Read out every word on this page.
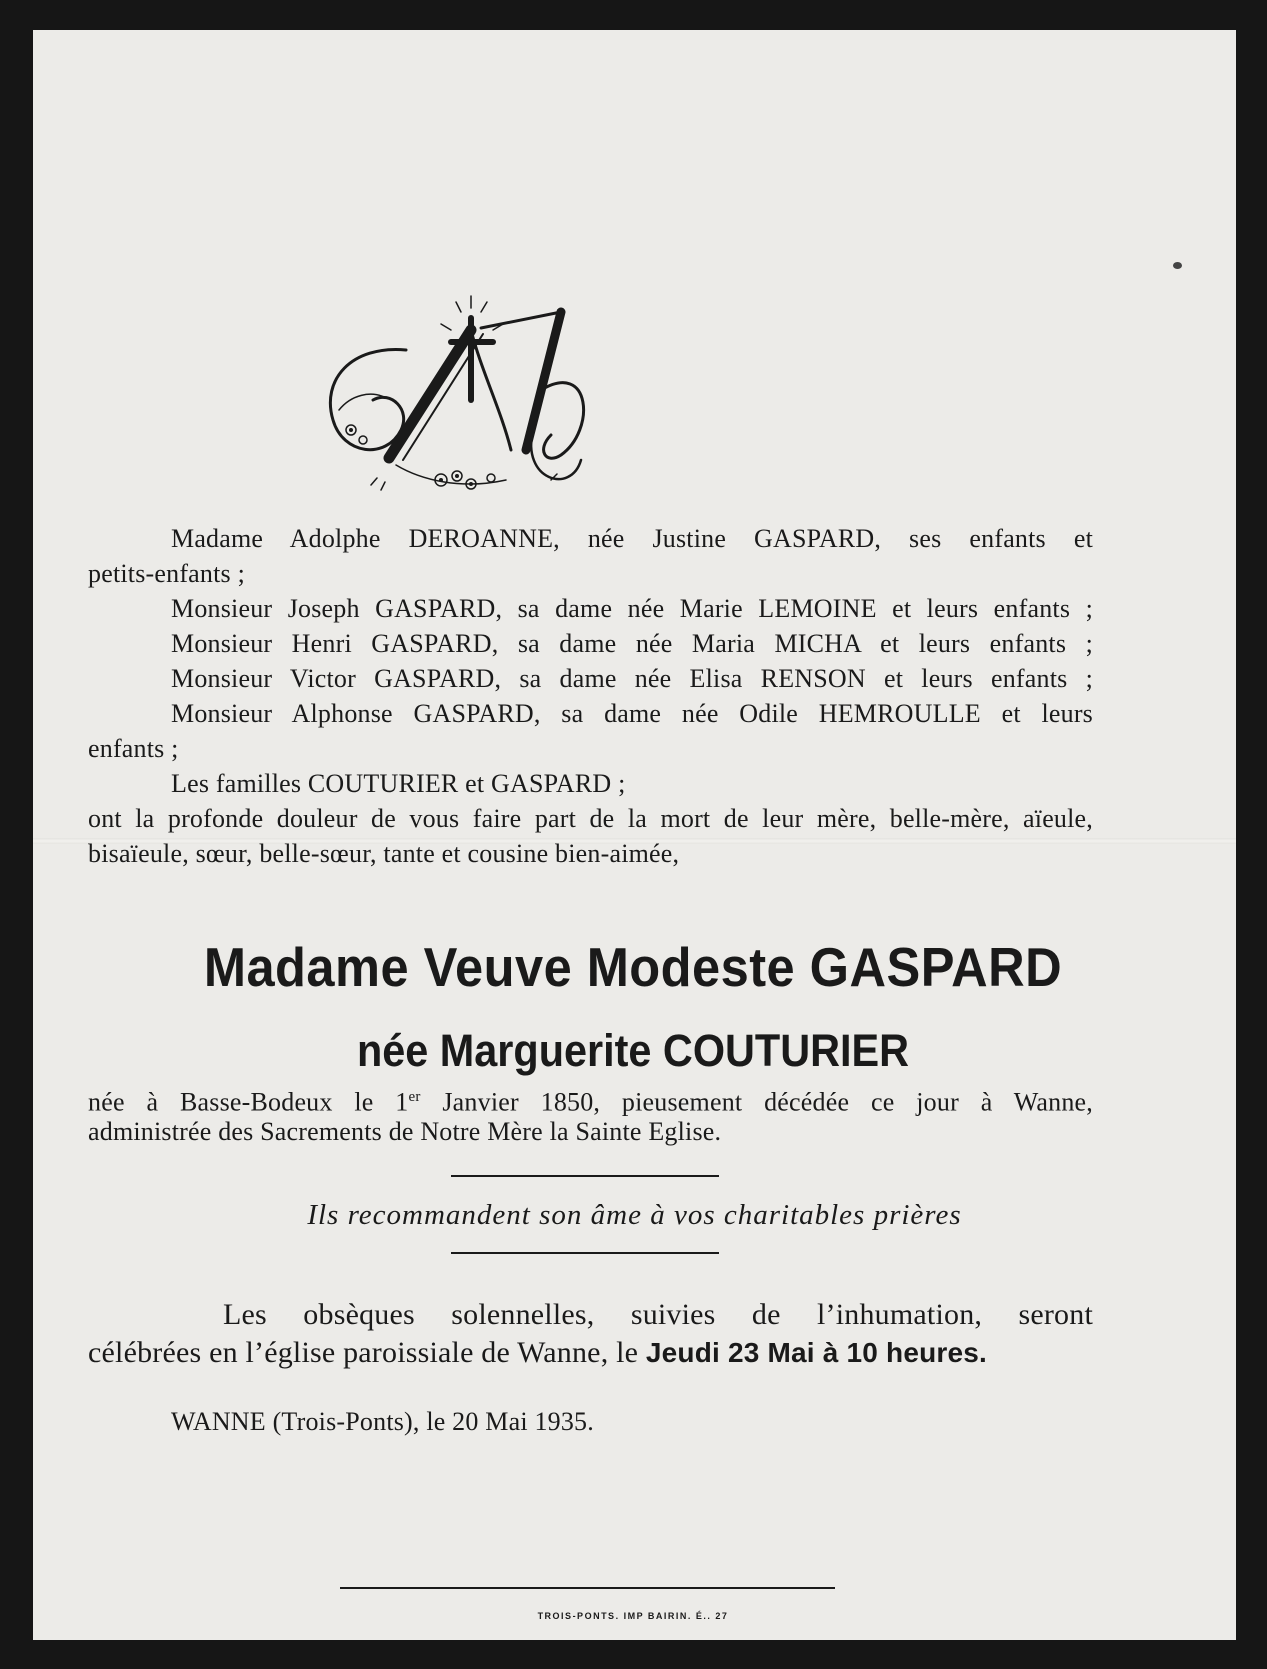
Madame Adolphe DEROANNE, née Justine GASPARD, ses enfants et
petits-enfants ;
Monsieur Joseph GASPARD, sa dame née Marie LEMOINE et leurs enfants ;
Monsieur Henri GASPARD, sa dame née Maria MICHA et leurs enfants ;
Monsieur Victor GASPARD, sa dame née Elisa RENSON et leurs enfants ;
Monsieur Alphonse GASPARD, sa dame née Odile HEMROULLE et leurs
enfants ;
Les familles COUTURIER et GASPARD ;
ont la profonde douleur de vous faire part de la mort de leur mère, belle-mère, aïeule,
bisaïeule, sœur, belle-sœur, tante et cousine bien-aimée,
Madame Veuve Modeste GASPARD
née Marguerite COUTURIER
née à Basse-Bodeux le 1er Janvier 1850, pieusement décédée ce jour à Wanne,
administrée des Sacrements de Notre Mère la Sainte Eglise.
Ils recommandent son âme à vos charitables prières
Les obsèques solennelles, suivies de l’inhumation, seront
célébrées en l’église paroissiale de Wanne, le Jeudi 23 Mai à 10 heures.
WANNE (Trois-Ponts), le 20 Mai 1935.
TROIS-PONTS. IMP BAIRIN. É.. 27
